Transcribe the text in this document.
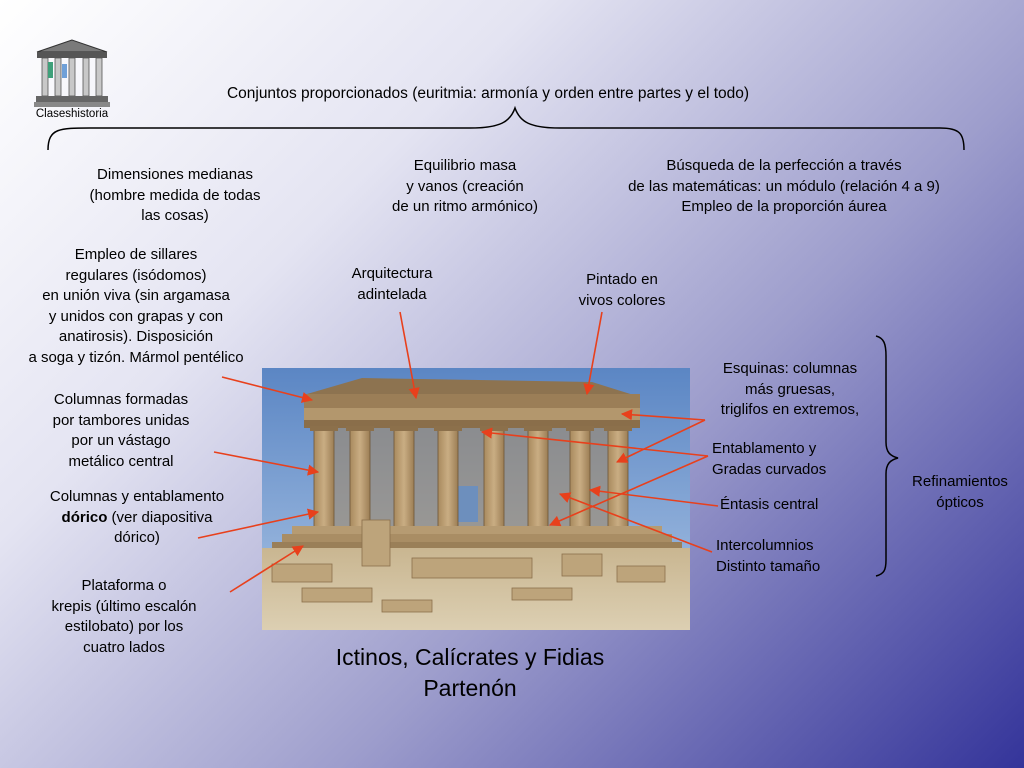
Claseshistoria
Conjuntos proporcionados (euritmia: armonía y orden entre partes y el todo)
Dimensiones medianas
(hombre medida de todas
las cosas)
Equilibrio masa
y vanos (creación
de un ritmo armónico)
Búsqueda de la perfección a través
de las matemáticas: un módulo (relación 4 a 9)
Empleo de la proporción áurea
Empleo de sillares
regulares (isódomos)
en unión viva (sin argamasa
y unidos con grapas y con
anatirosis). Disposición
a soga y tizón. Mármol pentélico
Columnas formadas
por tambores unidas
por un vástago
metálico central
Columnas y entablamento
dórico (ver diapositiva
dórico)
Plataforma o
krepis (último escalón
estilobato) por los
cuatro lados
Arquitectura
adintelada
Pintado en
vivos colores
Esquinas: columnas
más gruesas,
triglifos en extremos,
Entablamento y
Gradas curvados
Éntasis central
Intercolumnios
Distinto tamaño
Refinamientos
ópticos
Ictinos, Calícrates y Fidias
Partenón
